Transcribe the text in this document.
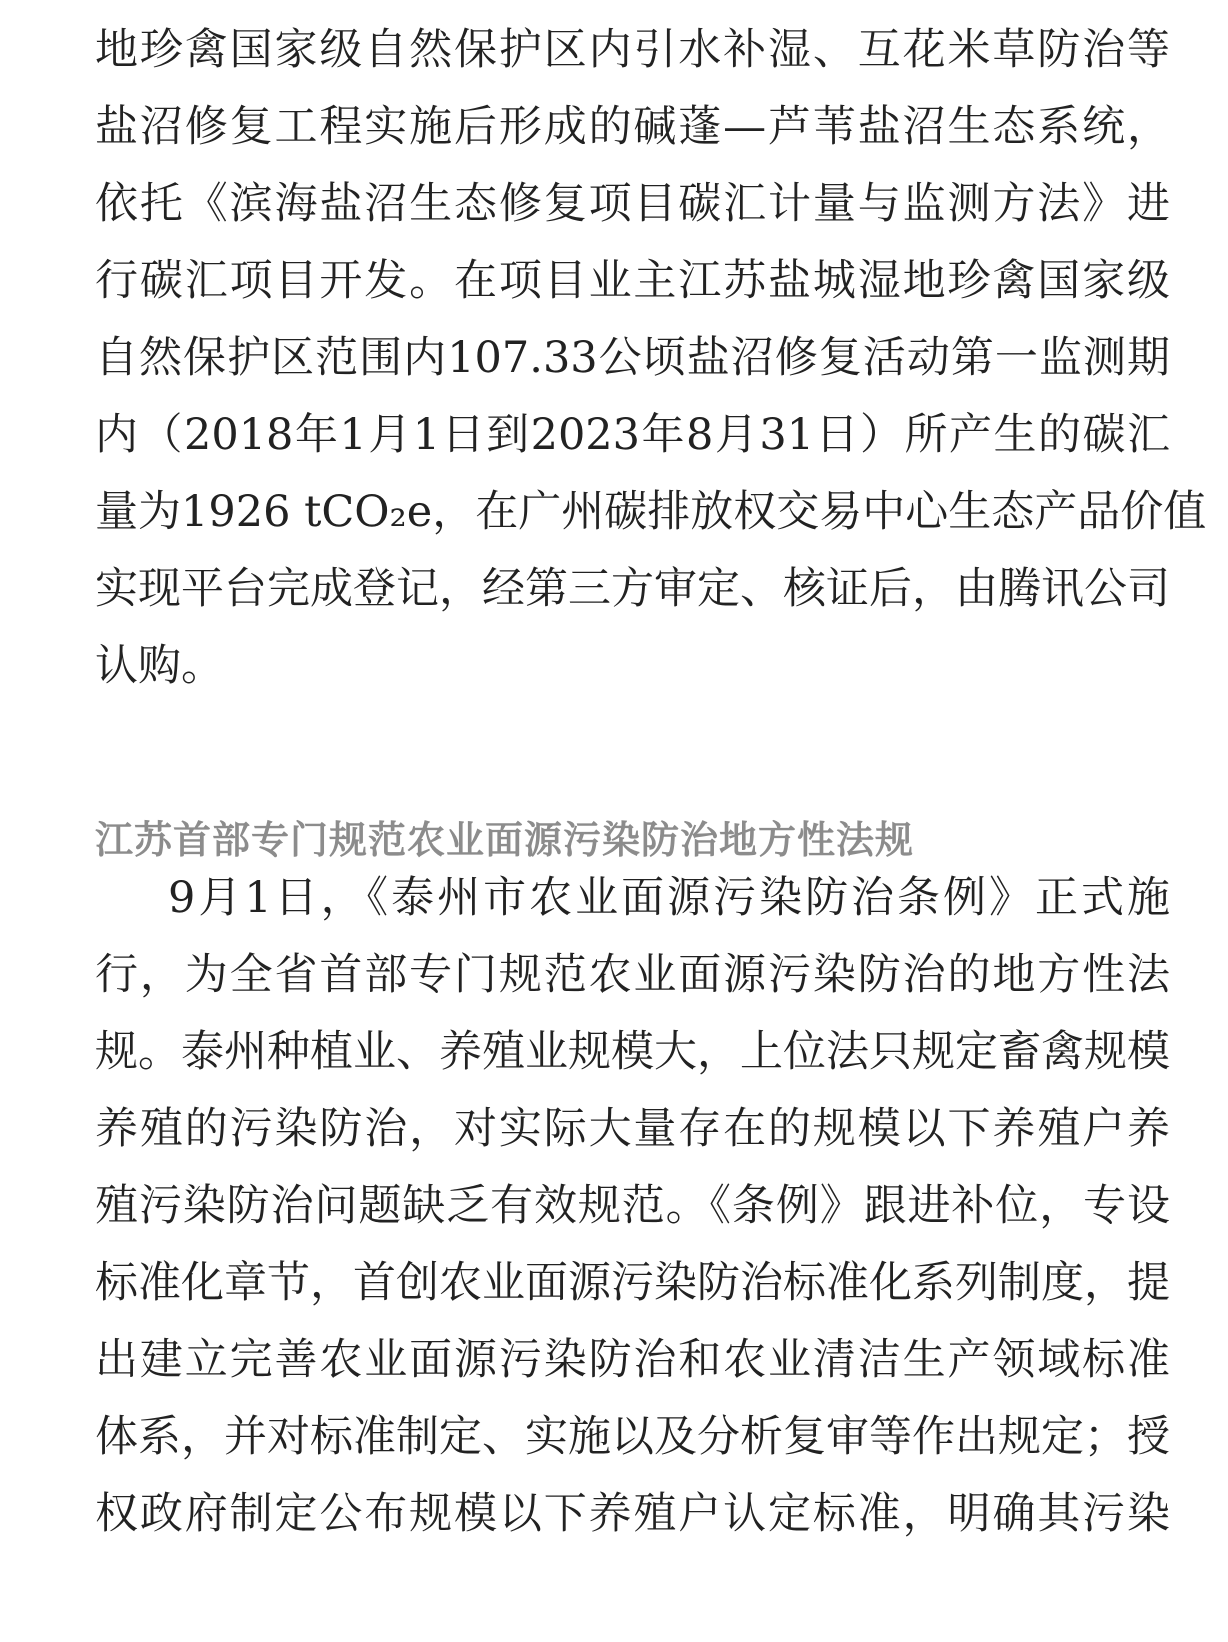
地珍禽国家级自然保护区内引水补湿、互花米草防治等
盐沼修复工程实施后形成的碱蓬—芦苇盐沼生态系统，
依托《滨海盐沼生态修复项目碳汇计量与监测方法》进
行碳汇项目开发。在项目业主江苏盐城湿地珍禽国家级
自然保护区范围内107.33公顷盐沼修复活动第一监测期
内（2018年1月1日到2023年8月31日）所产生的碳汇
量为1926 tCO₂e，在广州碳排放权交易中心生态产品价值
实现平台完成登记，经第三方审定、核证后，由腾讯公司
认购。
江苏首部专门规范农业面源污染防治地方性法规
9月1日，《泰州市农业面源污染防治条例》正式施
行，为全省首部专门规范农业面源污染防治的地方性法
规。泰州种植业、养殖业规模大，上位法只规定畜禽规模
养殖的污染防治，对实际大量存在的规模以下养殖户养
殖污染防治问题缺乏有效规范。《条例》跟进补位，专设
标准化章节，首创农业面源污染防治标准化系列制度，提
出建立完善农业面源污染防治和农业清洁生产领域标准
体系，并对标准制定、实施以及分析复审等作出规定；授
权政府制定公布规模以下养殖户认定标准，明确其污染
